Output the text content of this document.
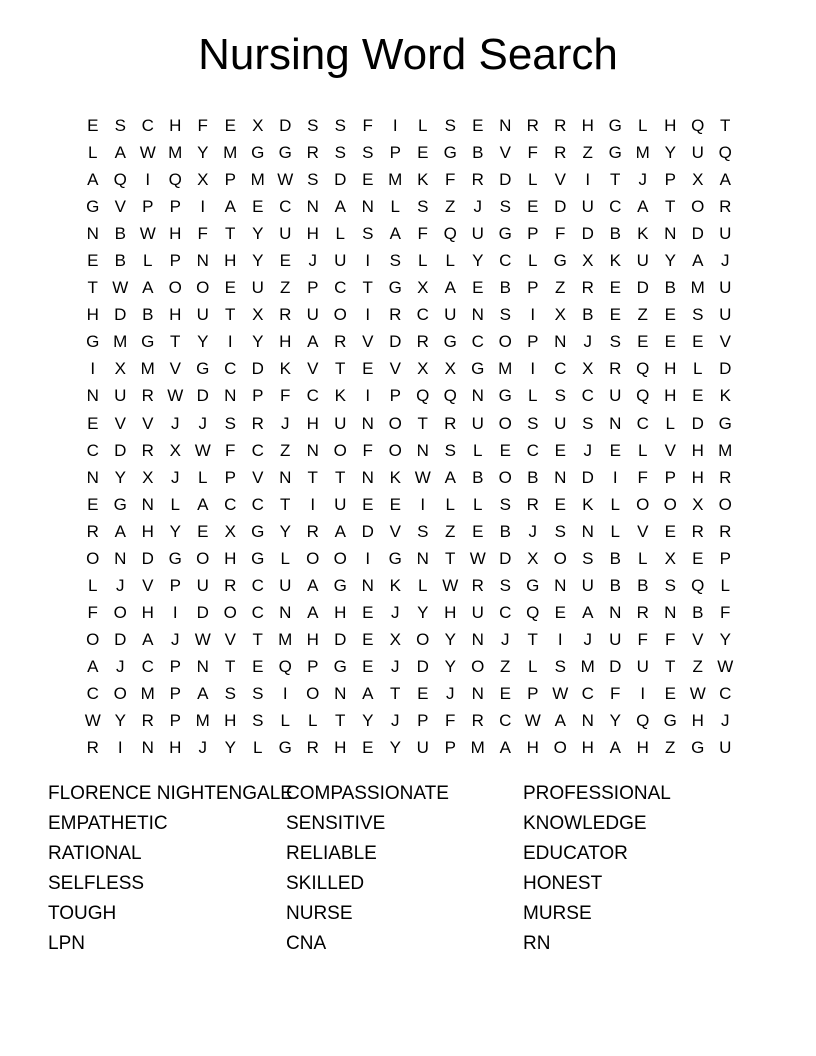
Nursing Word Search
E S C H F E X D S S F	I	L	S E N R R H G L H Q T
L	A W M Y M G G R S S P E G B V F R Z G M Y U Q
A Q	I	Q X P M W S D E M K F R D L	V	I	T	J	P X A
G V P P	I	A E C N A N L	S Z	J	S E D U C A T O R
N B W H F	T Y U H L	S A F Q U G P F D B K N D U
E B	L	P N H Y E	J	U	I	S	L	L	Y C L G X K U Y A	J
T W A O O E U Z P C T G X A E B P Z R E D B M U
H D B H U T X R U O	I	R C U N S	I	X B E Z E S U
G M G T Y	I	Y H A R V D R G C O P N	J	S E E E V
I	X M V G C D K V T E V X X G M	I	C X R Q H L D
N U R W D N P F C K	I	P Q Q N G L	S C U Q H E K
E V V	J	J	S R	J	H U N O T R U O S U S N C L D G
C D R X W F C Z N O F O N S	L	E C E	J	E	L	V H M
N Y X	J	L	P V N T	T N K W A B O B N D	I	F P H R
E G N L	A C C T	I	U E E	I	L	L	S R E K	L O O X O
R A H Y E X G Y R A D V S Z E B	J	S N L	V E R R
O N D G O H G L O O	I	G N T W D X O S B	L	X E P
L	J	V P U R C U A G N K	L W R S G N U B B S Q L
F O H	I	D O C N A H E	J	Y H U C Q E A N R N B F
O D A	J W V T M H D E X O Y N	J	T	I	J	U F	F V Y
A	J	C P N T E Q P G E	J	D Y O Z	L	S M D U T	Z W
C O M P A S S	I	O N A T E	J	N E P W C F	I	E W C
W Y R P M H S	L	L	T Y	J	P F R C W A N Y Q G H	J
R	I	N H	J	Y	L G R H E Y U P M A H O H A H Z G U
FLORENCE NIGHTENGALE
EMPATHETIC
RATIONAL
SELFLESS
TOUGH
LPN
COMPASSIONATE
SENSITIVE
RELIABLE
SKILLED
NURSE
CNA
PROFESSIONAL
KNOWLEDGE
EDUCATOR
HONEST
MURSE
RN
